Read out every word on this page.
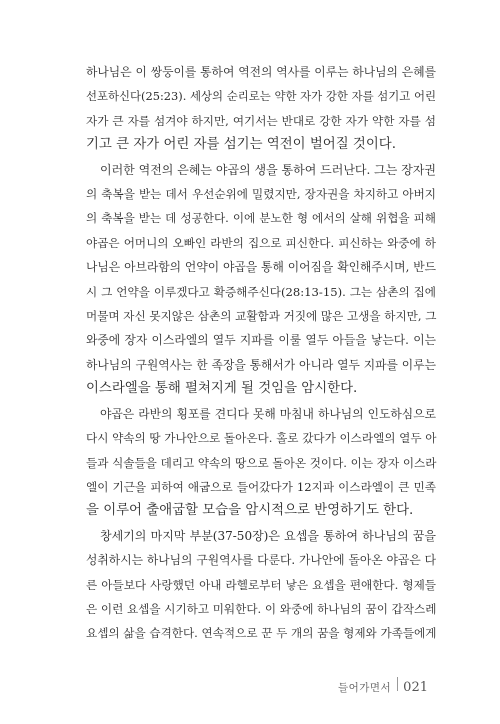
하나님은 이 쌍둥이를 통하여 역전의 역사를 이루는 하나님의 은혜를
선포하신다(25:23). 세상의 순리로는 약한 자가 강한 자를 섬기고 어린
자가 큰 자를 섬겨야 하지만, 여기서는 반대로 강한 자가 약한 자를 섬
기고 큰 자가 어린 자를 섬기는 역전이 벌어질 것이다.
이러한 역전의 은혜는 야곱의 생을 통하여 드러난다. 그는 장자권
의 축복을 받는 데서 우선순위에 밀렸지만, 장자권을 차지하고 아버지
의 축복을 받는 데 성공한다. 이에 분노한 형 에서의 살해 위협을 피해
야곱은 어머니의 오빠인 라반의 집으로 피신한다. 피신하는 와중에 하
나님은 아브라함의 언약이 야곱을 통해 이어짐을 확인해주시며, 반드
시 그 언약을 이루겠다고 확증해주신다(28:13-15). 그는 삼촌의 집에
머물며 자신 못지않은 삼촌의 교활함과 거짓에 많은 고생을 하지만, 그
와중에 장자 이스라엘의 열두 지파를 이룰 열두 아들을 낳는다. 이는
하나님의 구원역사는 한 족장을 통해서가 아니라 열두 지파를 이루는
이스라엘을 통해 펼쳐지게 될 것임을 암시한다.
야곱은 라반의 횡포를 견디다 못해 마침내 하나님의 인도하심으로
다시 약속의 땅 가나안으로 돌아온다. 홀로 갔다가 이스라엘의 열두 아
들과 식솔들을 데리고 약속의 땅으로 돌아온 것이다. 이는 장자 이스라
엘이 기근을 피하여 애굽으로 들어갔다가 12지파 이스라엘이 큰 민족
을 이루어 출애굽할 모습을 암시적으로 반영하기도 한다.
창세기의 마지막 부분(37-50장)은 요셉을 통하여 하나님의 꿈을
성취하시는 하나님의 구원역사를 다룬다. 가나안에 돌아온 야곱은 다
른 아들보다 사랑했던 아내 라헬로부터 낳은 요셉을 편애한다. 형제들
은 이런 요셉을 시기하고 미워한다. 이 와중에 하나님의 꿈이 갑작스레
요셉의 삶을 습격한다. 연속적으로 꾼 두 개의 꿈을 형제와 가족들에게
들어가면서 021
